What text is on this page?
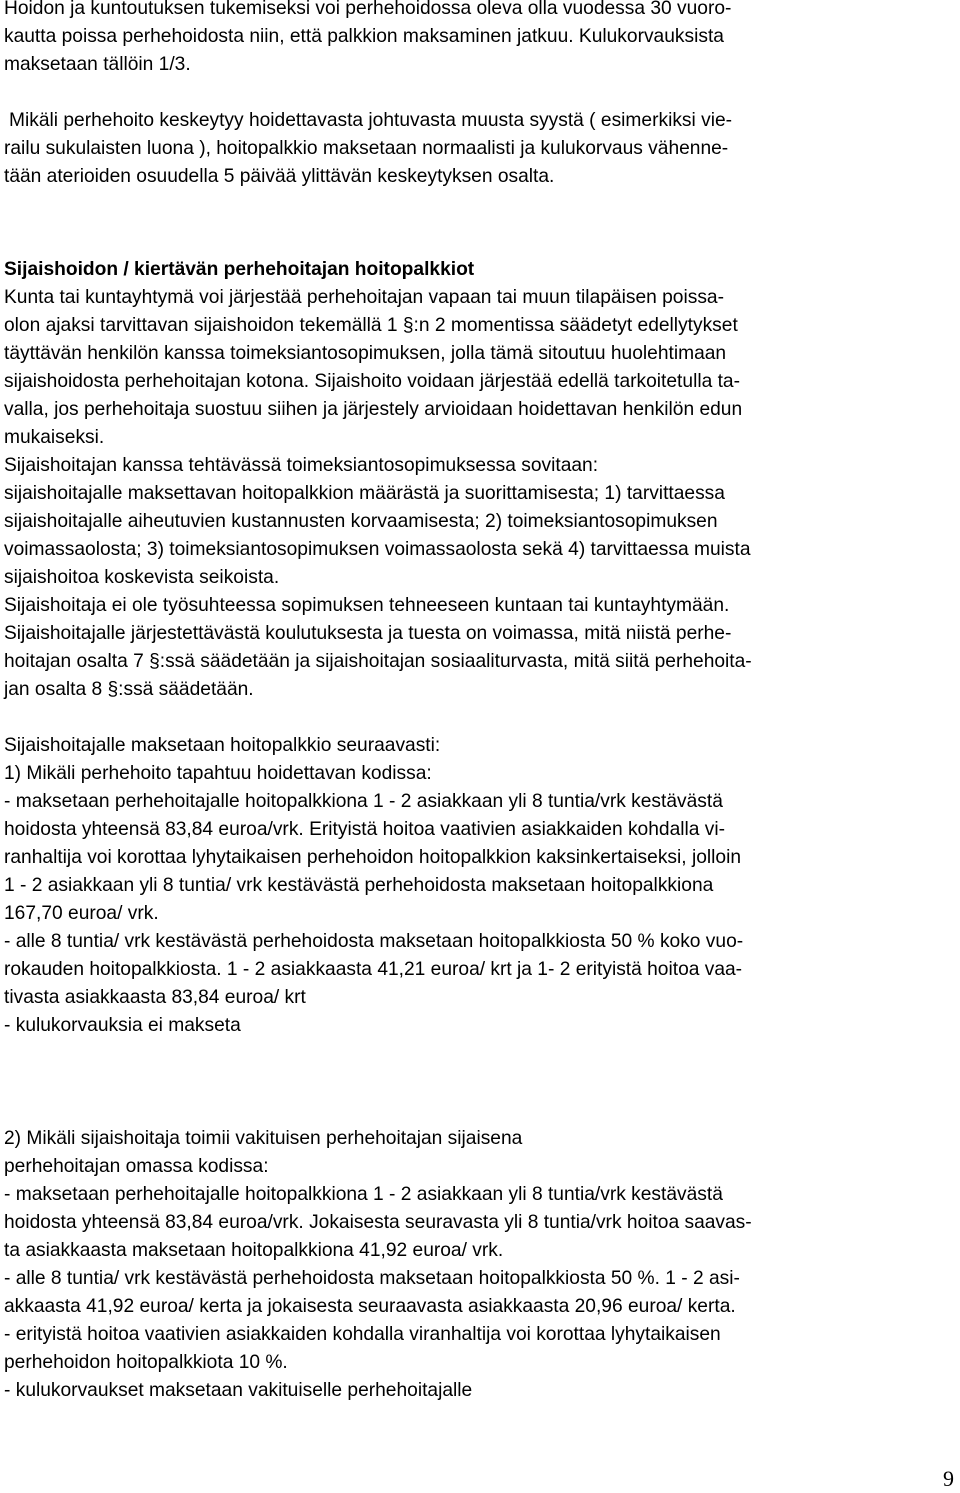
Hoidon ja kuntoutuksen tukemiseksi voi perhehoidossa oleva olla vuodessa 30 vuoro-

kautta poissa perhehoidosta niin, että palkkion maksaminen jatkuu. Kulukorvauksista

maksetaan tällöin 1/3.

Mikäli perhehoito keskeytyy hoidettavasta johtuvasta muusta syystä ( esimerkiksi vie-

railu sukulaisten luona ), hoitopalkkio maksetaan normaalisti ja kulukorvaus vähenne-

tään aterioiden osuudella 5 päivää ylittävän keskeytyksen osalta.

Sijaishoidon / kiertävän perhehoitajan hoitopalkkiot

Kunta tai kuntayhtymä voi järjestää perhehoitajan vapaan tai muun tilapäisen poissa-

olon ajaksi tarvittavan sijaishoidon tekemällä 1 §:n 2 momentissa säädetyt edellytykset

täyttävän henkilön kanssa toimeksiantosopimuksen, jolla tämä sitoutuu huolehtimaan

sijaishoidosta perhehoitajan kotona. Sijaishoito voidaan järjestää edellä tarkoitetulla ta-

valla, jos perhehoitaja suostuu siihen ja järjestely arvioidaan hoidettavan henkilön edun

mukaiseksi.

Sijaishoitajan kanssa tehtävässä toimeksiantosopimuksessa sovitaan:

sijaishoitajalle maksettavan hoitopalkkion määrästä ja suorittamisesta; 1) tarvittaessa

sijaishoitajalle aiheutuvien kustannusten korvaamisesta; 2) toimeksiantosopimuksen

voimassaolosta; 3) toimeksiantosopimuksen voimassaolosta sekä 4) tarvittaessa muista

sijaishoitoa koskevista seikoista.

Sijaishoitaja ei ole työsuhteessa sopimuksen tehneeseen kuntaan tai kuntayhtymään.

Sijaishoitajalle järjestettävästä koulutuksesta ja tuesta on voimassa, mitä niistä perhe-

hoitajan osalta 7 §:ssä säädetään ja sijaishoitajan sosiaaliturvasta, mitä siitä perhehoita-

jan osalta 8 §:ssä säädetään.

Sijaishoitajalle maksetaan hoitopalkkio seuraavasti:

1) Mikäli perhehoito tapahtuu hoidettavan kodissa:

- maksetaan perhehoitajalle hoitopalkkiona 1 - 2 asiakkaan yli 8 tuntia/vrk kestävästä

hoidosta yhteensä 83,84 euroa/vrk. Erityistä hoitoa vaativien asiakkaiden kohdalla vi-

ranhaltija voi korottaa lyhytaikaisen perhehoidon hoitopalkkion kaksinkertaiseksi, jolloin

1 - 2 asiakkaan yli 8 tuntia/ vrk kestävästä perhehoidosta maksetaan hoitopalkkiona

167,70 euroa/ vrk.

- alle 8 tuntia/ vrk kestävästä perhehoidosta maksetaan hoitopalkkiosta 50 % koko vuo-

rokauden hoitopalkkiosta. 1 - 2 asiakkaasta 41,21 euroa/ krt ja 1- 2 erityistä hoitoa vaa-

tivasta asiakkaasta 83,84 euroa/ krt

- kulukorvauksia ei makseta

2) Mikäli sijaishoitaja toimii vakituisen perhehoitajan sijaisena

perhehoitajan omassa kodissa:

- maksetaan perhehoitajalle hoitopalkkiona 1 - 2 asiakkaan yli 8 tuntia/vrk kestävästä

hoidosta yhteensä 83,84 euroa/vrk. Jokaisesta seuravasta yli 8 tuntia/vrk hoitoa saavas-

ta asiakkaasta maksetaan hoitopalkkiona 41,92 euroa/ vrk.

- alle 8 tuntia/ vrk kestävästä perhehoidosta maksetaan hoitopalkkiosta 50 %. 1 - 2 asi-

akkaasta 41,92 euroa/ kerta ja jokaisesta seuraavasta asiakkaasta 20,96 euroa/ kerta.

- erityistä hoitoa vaativien asiakkaiden kohdalla viranhaltija voi korottaa lyhytaikaisen

perhehoidon hoitopalkkiota 10 %.

- kulukorvaukset maksetaan vakituiselle perhehoitajalle

9
